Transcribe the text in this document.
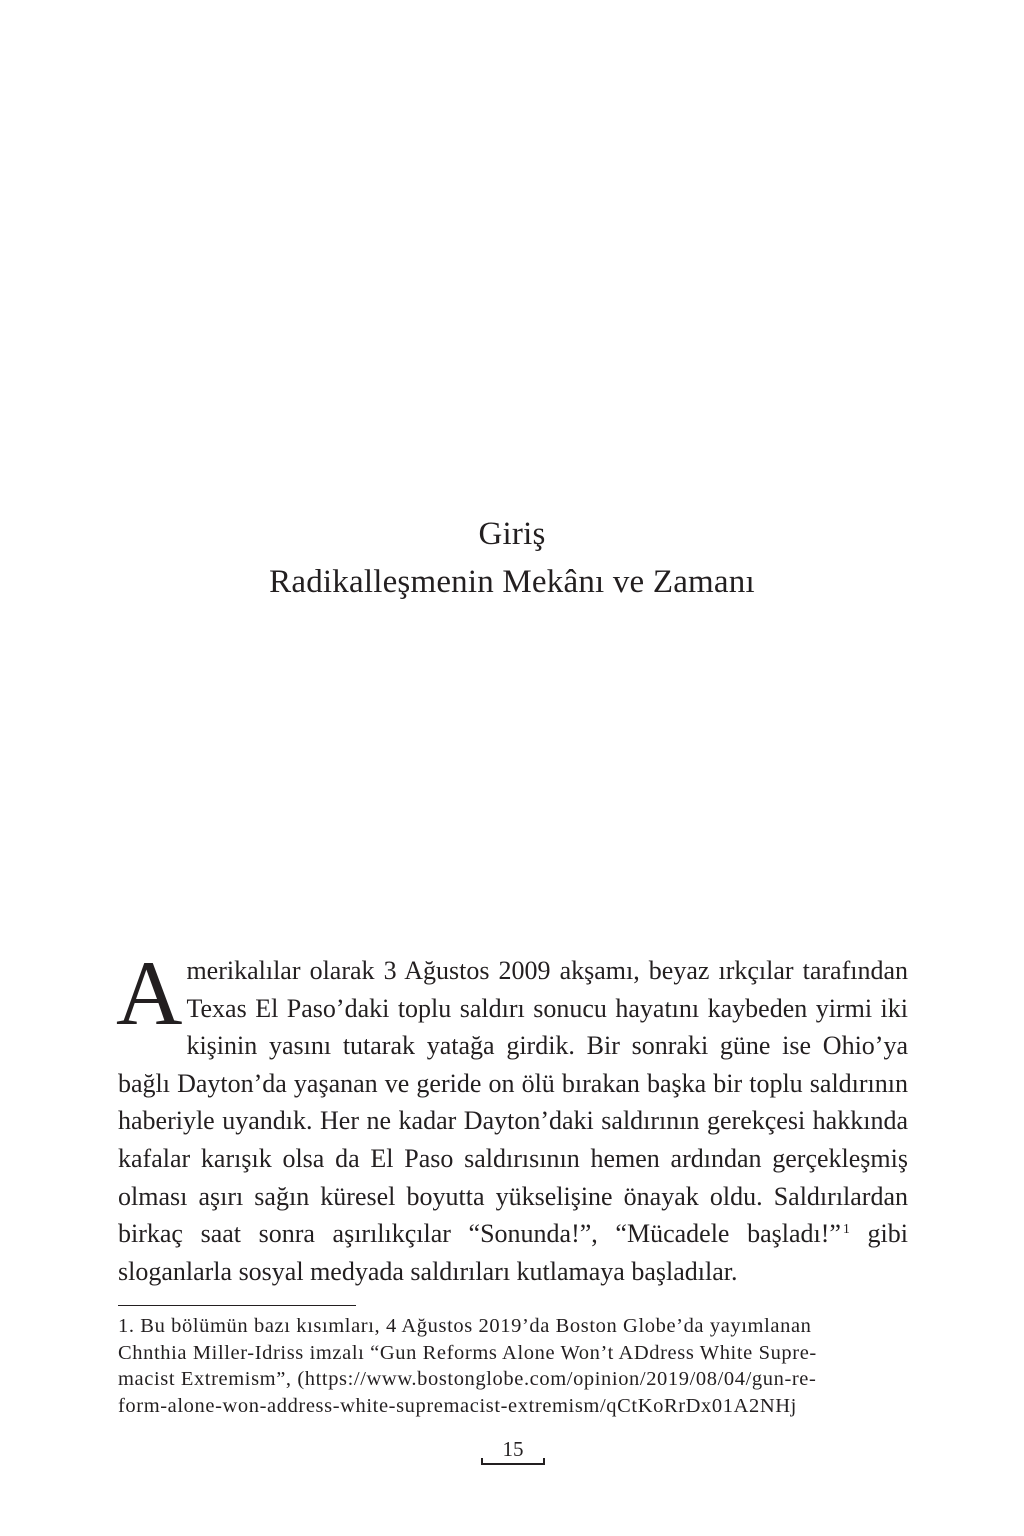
Giriş
Radikalleşmenin Mekânı ve Zamanı
Amerikalılar olarak 3 Ağustos 2009 akşamı, beyaz ırkçılar tarafından Texas El Paso’daki toplu saldırı sonucu hayatını kaybeden yirmi iki kişinin yasını tutarak yatağa girdik. Bir sonraki güne ise Ohio’ya bağlı Dayton’da yaşanan ve geride on ölü bırakan başka bir toplu saldırının haberiyle uyandık. Her ne kadar Dayton’daki saldırının gerekçesi hakkında kafalar karışık olsa da El Paso saldırısının hemen ardından gerçekleşmiş olması aşırı sağın küresel boyutta yükselişine önayak oldu. Saldırılardan birkaç saat sonra aşırılıkçılar “Sonunda!”, “Mücadele başladı!” $^1$ gibi sloganlarla sosyal medyada saldırıları kutlamaya başladılar.
1. Bu bölümün bazı kısımları, 4 Ağustos 2019’da Boston Globe’da yayımlanan
Chnthia Miller-Idriss imzalı “Gun Reforms Alone Won’t ADdress White Supre-
macist Extremism”, (https://www.bostonglobe.com/opinion/2019/08/04/gun-re-
form-alone-won-address-white-supremacist-extremism/qCtKoRrDx01A2NHj
15
